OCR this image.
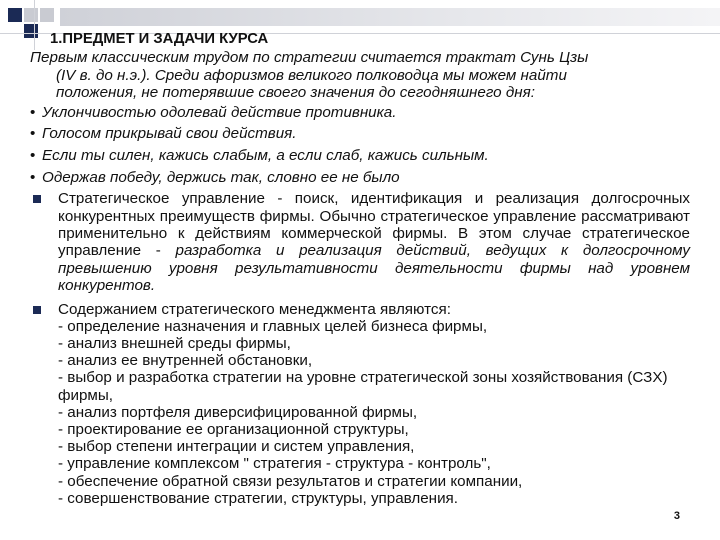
1.ПРЕДМЕТ И ЗАДАЧИ КУРСА
Первым классическим трудом по стратегии считается трактат Сунь Цзы
(IV в. до н.э.). Среди афоризмов великого полководца мы можем найти
положения, не потерявшие своего значения до сегодняшнего дня:
• Уклончивостью одолевай действие противника.
• Голосом прикрывай свои действия.
• Если ты силен, кажись слабым, а если слаб, кажись сильным.
• Одержав победу, держись так, словно ее не было
Стратегическое управление - поиск, идентификация и реализация долгосрочных конкурентных преимуществ фирмы. Обычно стратегическое управление рассматривают применительно к действиям коммерческой фирмы. В этом случае стратегическое управление - разработка и реализация действий, ведущих к долгосрочному превышению уровня результативности деятельности фирмы над уровнем конкурентов.
Содержанием стратегического менеджмента являются:
- определение назначения и главных целей бизнеса фирмы,
- анализ внешней среды фирмы,
- анализ ее внутренней обстановки,
- выбор и разработка стратегии на уровне стратегической зоны хозяйствования (СЗХ) фирмы,
- анализ портфеля диверсифицированной фирмы,
- проектирование ее организационной структуры,
- выбор степени интеграции и систем управления,
- управление комплексом " стратегия - структура - контроль",
- обеспечение обратной связи результатов и стратегии компании,
- совершенствование стратегии, структуры, управления.
3
